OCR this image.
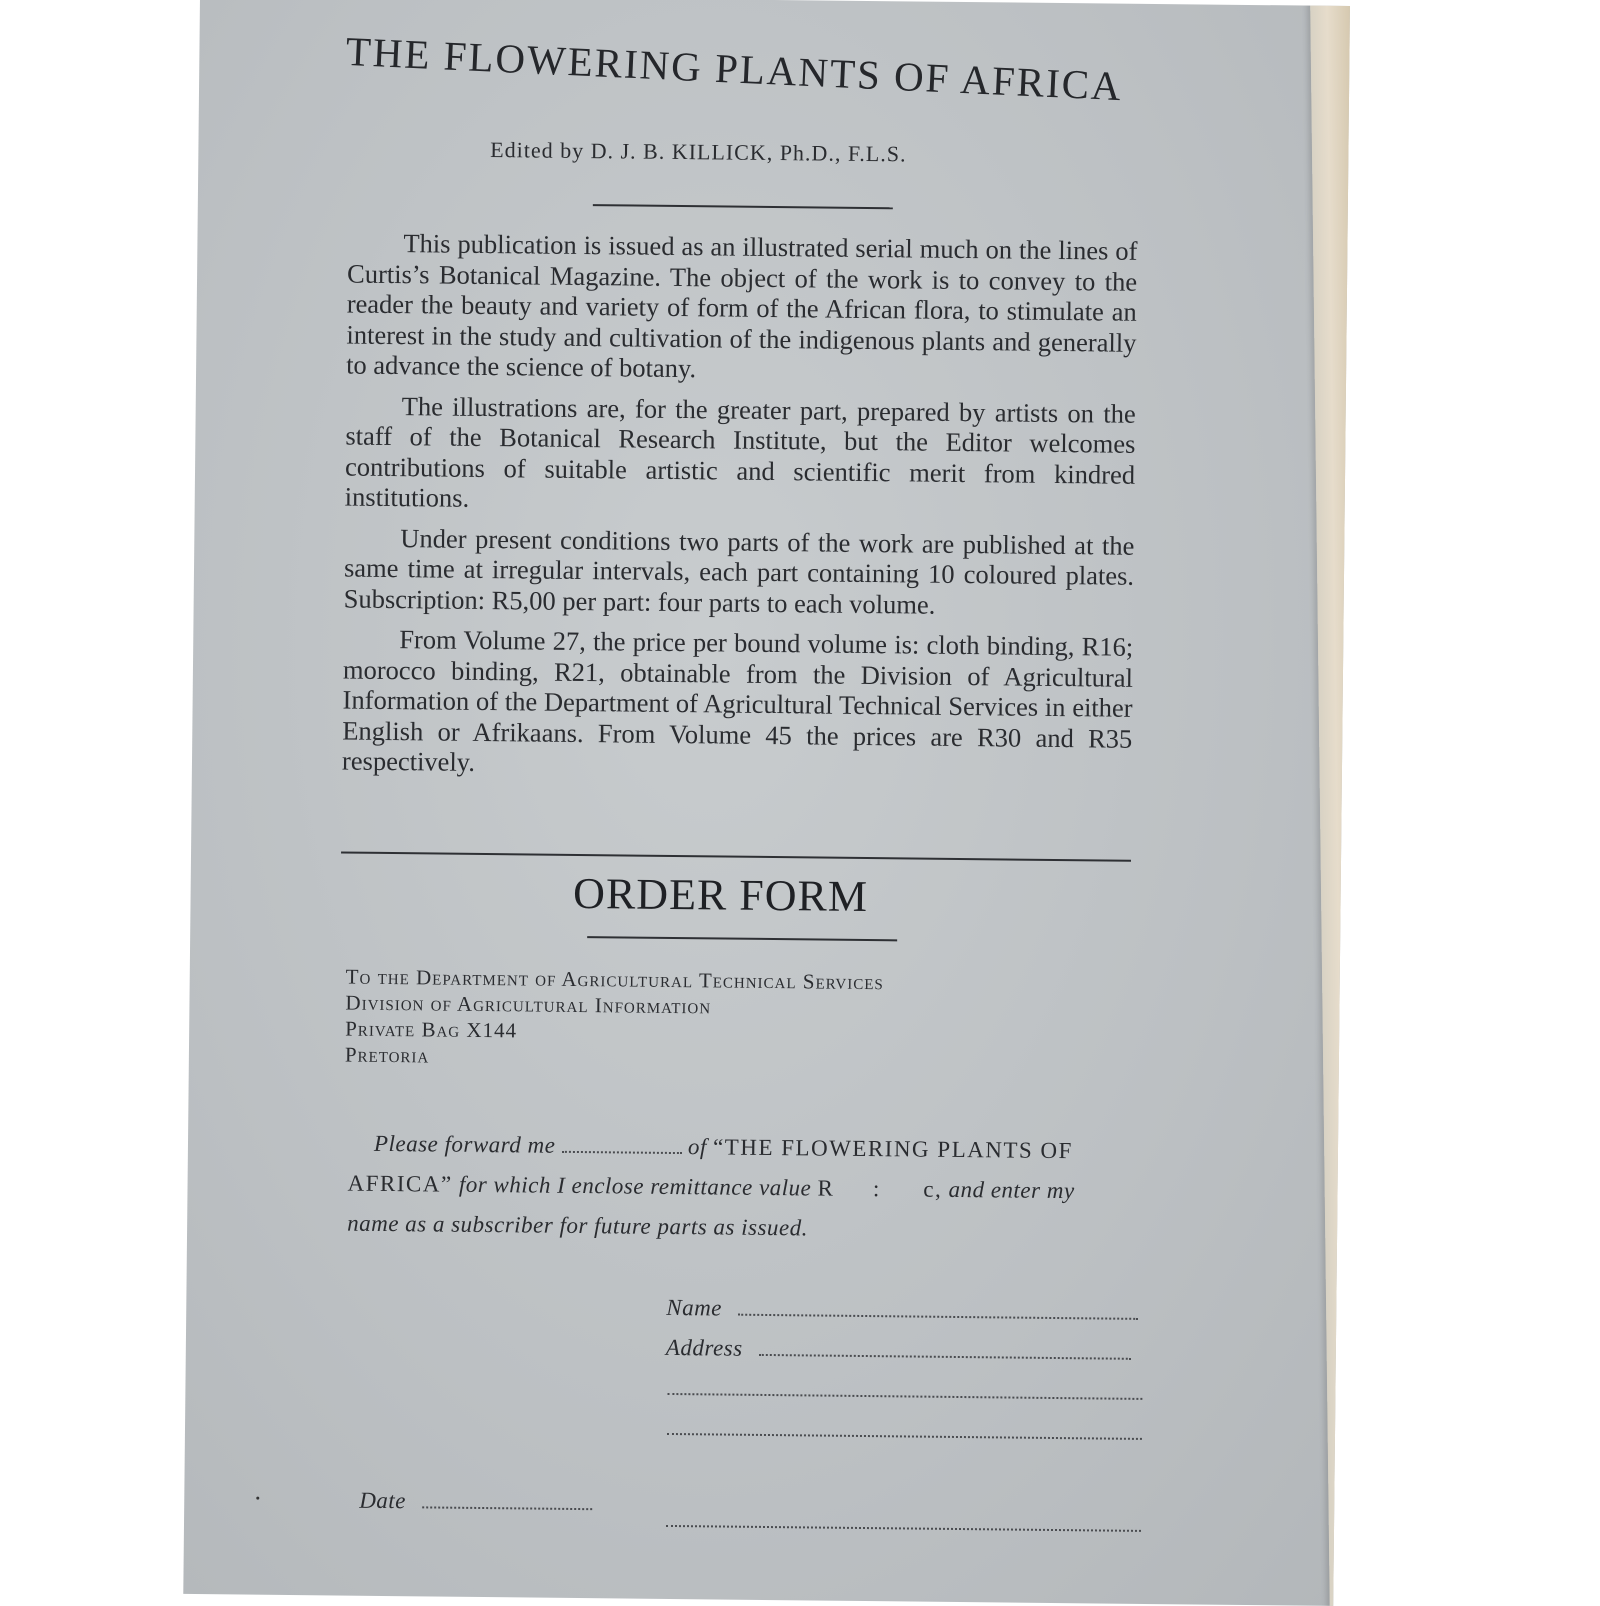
THE FLOWERING PLANTS OF AFRICA
Edited by D. J. B. KILLICK, Ph.D., F.L.S.

This publication is issued as an illustrated serial much on the lines of Curtis’s Botanical Magazine. The object of the work is to convey to the reader the beauty and variety of form of the African flora, to stimulate an interest in the study and cultivation of the indigenous plants and generally to advance the science of botany.

The illustrations are, for the greater part, prepared by artists on the staff of the Botanical Research Institute, but the Editor welcomes contributions of suitable artistic and scientific merit from kindred institutions.

Under present conditions two parts of the work are published at the same time at irregular intervals, each part containing 10 coloured plates. Subscription: R5,00 per part: four parts to each volume.

From Volume 27, the price per bound volume is: cloth binding, R16; morocco binding, R21, obtainable from the Division of Agricultural Information of the Department of Agricultural Technical Services in either English or Afrikaans. From Volume 45 the prices are R30 and R35 respectively.

ORDER FORM
To the Department of Agricultural Technical Services
Division of Agricultural Information
Private Bag X144
Pretoria
Please forward me	of “THE FLOWERING PLANTS OF
AFRICA” for which I enclose remittance value R : c, and enter my
name as a subscriber for future parts as issued.
Name
Address
Date
